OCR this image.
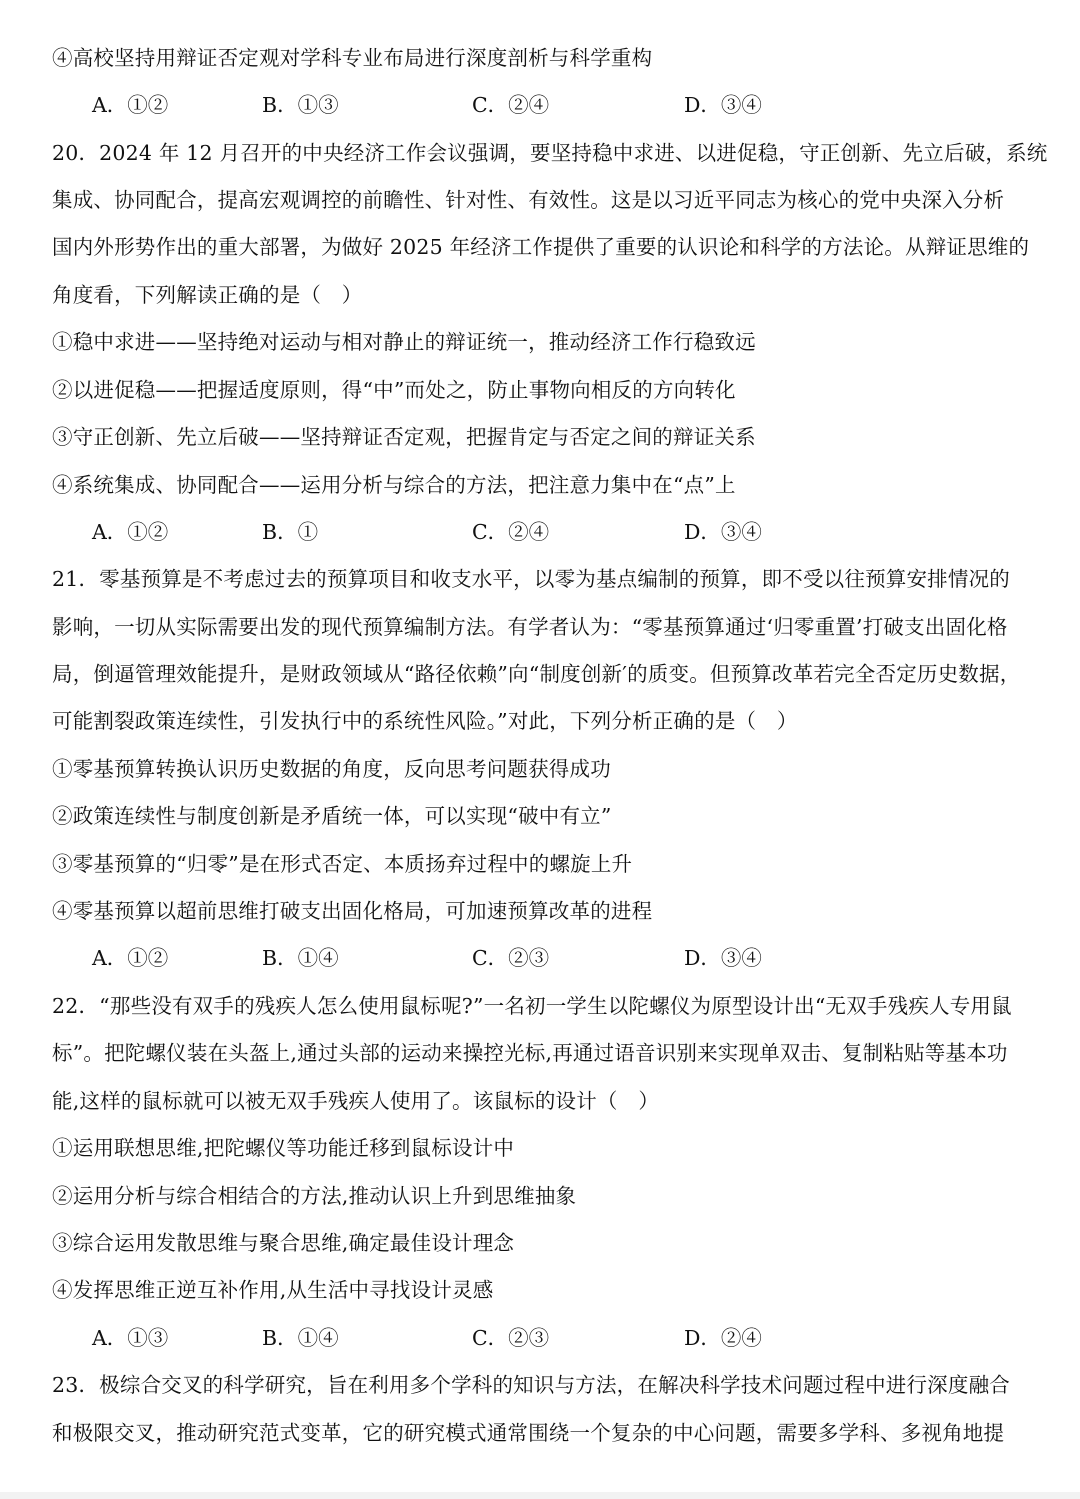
④高校坚持用辩证否定观对学科专业布局进行深度剖析与科学重构
A．①②	B．①③	C．②④	D．③④
20．2024 年 12 月召开的中央经济工作会议强调，要坚持稳中求进、以进促稳，守正创新、先立后破，系统
集成、协同配合，提高宏观调控的前瞻性、针对性、有效性。这是以习近平同志为核心的党中央深入分析
国内外形势作出的重大部署，为做好 2025 年经济工作提供了重要的认识论和科学的方法论。从辩证思维的
角度看，下列解读正确的是（　）
①稳中求进——坚持绝对运动与相对静止的辩证统一，推动经济工作行稳致远
②以进促稳——把握适度原则，得“中”而处之，防止事物向相反的方向转化
③守正创新、先立后破——坚持辩证否定观，把握肯定与否定之间的辩证关系
④系统集成、协同配合——运用分析与综合的方法，把注意力集中在“点”上
A．①②	B．①	C．②④	D．③④
21．零基预算是不考虑过去的预算项目和收支水平，以零为基点编制的预算，即不受以往预算安排情况的
影响，一切从实际需要出发的现代预算编制方法。有学者认为：“零基预算通过‘归零重置’打破支出固化格
局，倒逼管理效能提升，是财政领域从“路径依赖”向“制度创新′的质变。但预算改革若完全否定历史数据，
可能割裂政策连续性，引发执行中的系统性风险。”对此，下列分析正确的是（　）
①零基预算转换认识历史数据的角度，反向思考问题获得成功
②政策连续性与制度创新是矛盾统一体，可以实现“破中有立”
③零基预算的“归零”是在形式否定、本质扬弃过程中的螺旋上升
④零基预算以超前思维打破支出固化格局，可加速预算改革的进程
A．①②	B．①④	C．②③	D．③④
22．“那些没有双手的残疾人怎么使用鼠标呢?”一名初一学生以陀螺仪为原型设计出“无双手残疾人专用鼠
标”。把陀螺仪装在头盔上,通过头部的运动来操控光标,再通过语音识别来实现单双击、复制粘贴等基本功
能,这样的鼠标就可以被无双手残疾人使用了。该鼠标的设计（　）
①运用联想思维,把陀螺仪等功能迁移到鼠标设计中
②运用分析与综合相结合的方法,推动认识上升到思维抽象
③综合运用发散思维与聚合思维,确定最佳设计理念
④发挥思维正逆互补作用,从生活中寻找设计灵感
A．①③	B．①④	C．②③	D．②④
23．极综合交叉的科学研究，旨在利用多个学科的知识与方法，在解决科学技术问题过程中进行深度融合
和极限交叉，推动研究范式变革，它的研究模式通常围绕一个复杂的中心问题，需要多学科、多视角地提
